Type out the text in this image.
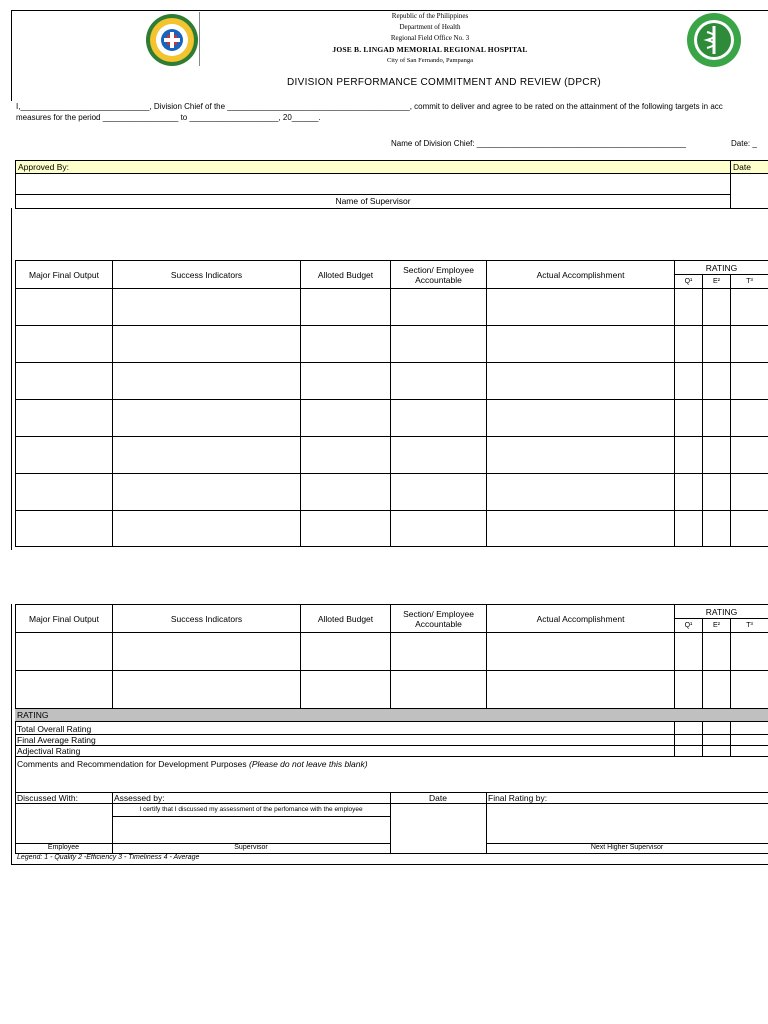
Republic of the Philippines
Department of Health
Regional Field Office No. 3
JOSE B. LINGAD MEMORIAL REGIONAL HOSPITAL
City of San Fernando, Pampanga
DIVISION PERFORMANCE COMMITMENT AND REVIEW (DPCR)
I,_____________________________, Division Chief of the _________________________________________, commit to deliver and agree to be rated on the attainment of the following targets in acc
measures for the period _________________ to ____________________, 20______.
Name of Division Chief: _______________________________________________	Date: _
Approved By:	Date
Name of Supervisor
Major Final Output	Success Indicators	Alloted Budget	Section/ Employee Accountable	Actual Accomplishment	RATING		
					Q¹	E²	T³

Major Final Output	Success Indicators	Alloted Budget	Section/ Employee Accountable	Actual Accomplishment	RATING		
					Q¹	E²	T³

RATING
Total Overall Rating
Final Average Rating
Adjectival Rating
Comments and Recommendation for Development Purposes (Please do not leave this blank)
Discussed With:	Assessed by:	Date	Final Rating by:
I certify that I discussed my assessment of the perfomance with the employee
Employee	Supervisor	Next Higher Supervisor
Legend: 1 - Quality 2 -Efficiency 3 - Timeliness 4 - Average
